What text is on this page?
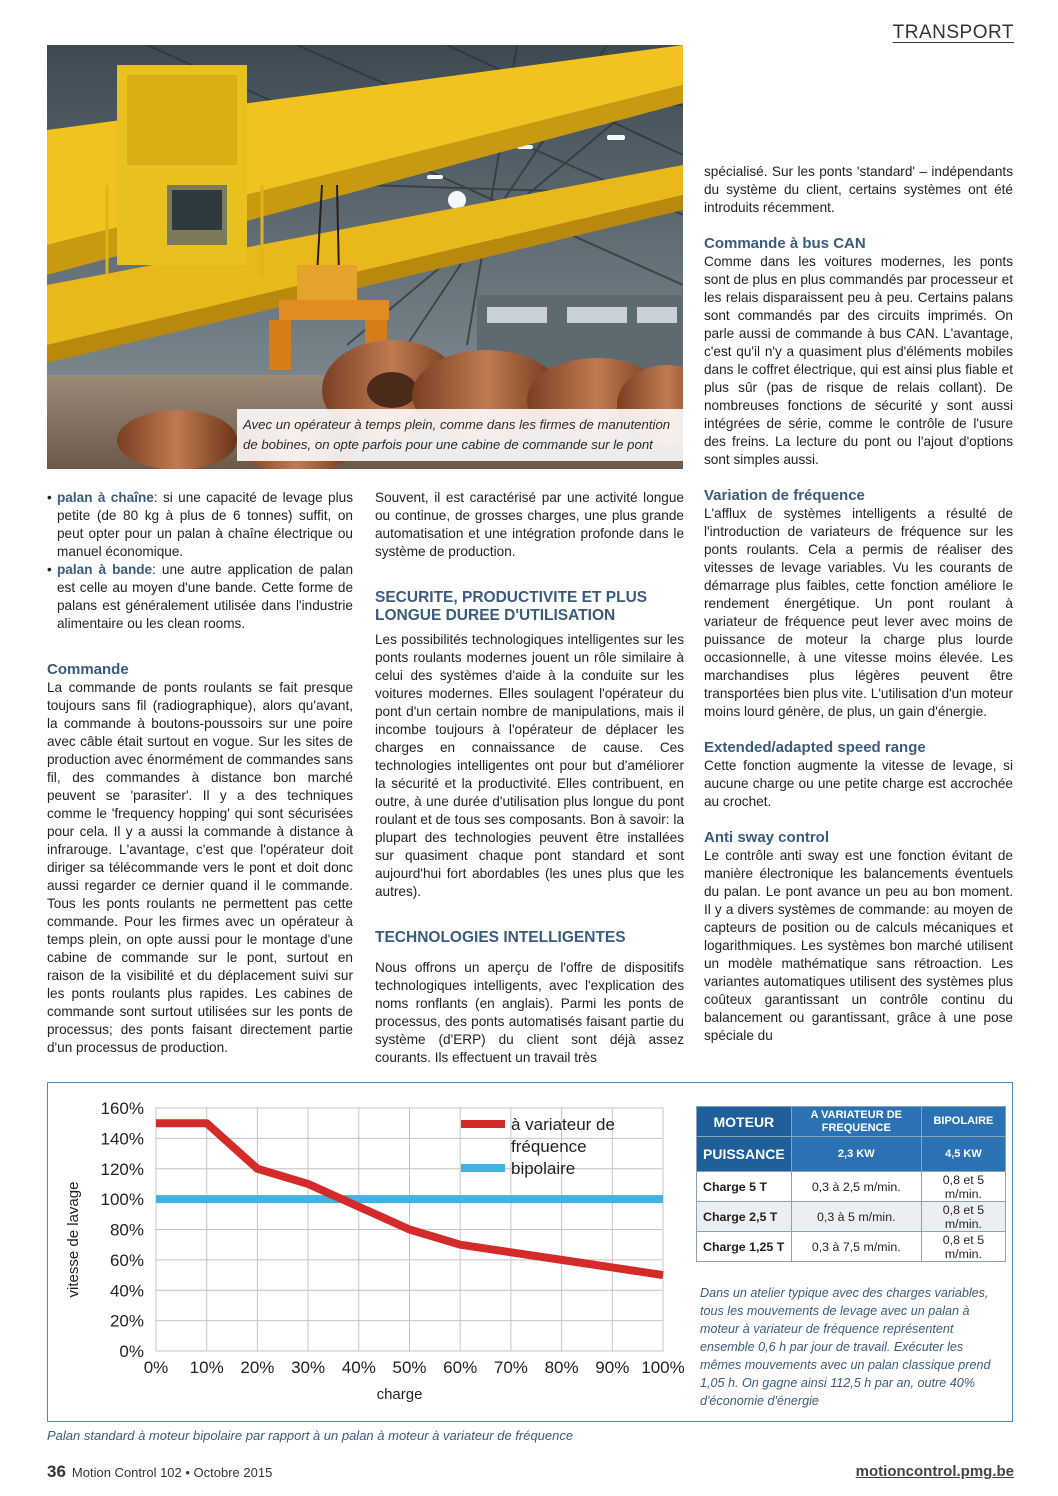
TRANSPORT
Avec un opérateur à temps plein, comme dans les firmes de manutention de bobines, on opte parfois pour une cabine de commande sur le pont
• palan à chaîne: si une capacité de levage plus petite (de 80 kg à plus de 6 tonnes) suffit, on peut opter pour un palan à chaîne électrique ou manuel économique.
• palan à bande: une autre application de palan est celle au moyen d'une bande. Cette forme de palans est généralement utilisée dans l'industrie alimentaire ou les clean rooms.
Commande

La commande de ponts roulants se fait presque toujours sans fil (radiographique), alors qu'avant, la commande à boutons-poussoirs sur une poire avec câble était surtout en vogue. Sur les sites de production avec énormément de commandes sans fil, des commandes à distance bon marché peuvent se 'parasiter'. Il y a des techniques comme le 'frequency hopping' qui sont sécurisées pour cela. Il y a aussi la commande à distance à infrarouge. L'avantage, c'est que l'opérateur doit diriger sa télécommande vers le pont et doit donc aussi regarder ce dernier quand il le commande. Tous les ponts roulants ne permettent pas cette commande. Pour les firmes avec un opérateur à temps plein, on opte aussi pour le montage d'une cabine de commande sur le pont, surtout en raison de la visibilité et du déplacement suivi sur les ponts roulants plus rapides. Les cabines de commande sont surtout utilisées sur les ponts de processus; des ponts faisant directement partie d'un processus de production.

Souvent, il est caractérisé par une activité longue ou continue, de grosses charges, une plus grande automatisation et une intégration profonde dans le système de production.

SECURITE, PRODUCTIVITE ET PLUS LONGUE DUREE D'UTILISATION

Les possibilités technologiques intelligentes sur les ponts roulants modernes jouent un rôle similaire à celui des systèmes d'aide à la conduite sur les voitures modernes. Elles soulagent l'opérateur du pont d'un certain nombre de manipulations, mais il incombe toujours à l'opérateur de déplacer les charges en connaissance de cause. Ces technologies intelligentes ont pour but d'améliorer la sécurité et la productivité. Elles contribuent, en outre, à une durée d'utilisation plus longue du pont roulant et de tous ses composants. Bon à savoir: la plupart des technologies peuvent être installées sur quasiment chaque pont standard et sont aujourd'hui fort abordables (les unes plus que les autres).

TECHNOLOGIES INTELLIGENTES

Nous offrons un aperçu de l'offre de dispositifs technologiques intelligents, avec l'explication des noms ronflants (en anglais). Parmi les ponts de processus, des ponts automatisés faisant partie du système (d'ERP) du client sont déjà assez courants. Ils effectuent un travail très

spécialisé. Sur les ponts 'standard' – indépendants du système du client, certains systèmes ont été introduits récemment.

Commande à bus CAN

Comme dans les voitures modernes, les ponts sont de plus en plus commandés par processeur et les relais disparaissent peu à peu. Certains palans sont commandés par des circuits imprimés. On parle aussi de commande à bus CAN. L'avantage, c'est qu'il n'y a quasiment plus d'éléments mobiles dans le coffret électrique, qui est ainsi plus fiable et plus sûr (pas de risque de relais collant). De nombreuses fonctions de sécurité y sont aussi intégrées de série, comme le contrôle de l'usure des freins. La lecture du pont ou l'ajout d'options sont simples aussi.

Variation de fréquence

L'afflux de systèmes intelligents a résulté de l'introduction de variateurs de fréquence sur les ponts roulants. Cela a permis de réaliser des vitesses de levage variables. Vu les courants de démarrage plus faibles, cette fonction améliore le rendement énergétique. Un pont roulant à variateur de fréquence peut lever avec moins de puissance de moteur la charge plus lourde occasionnelle, à une vitesse moins élevée. Les marchandises plus légères peuvent être transportées bien plus vite. L'utilisation d'un moteur moins lourd génère, de plus, un gain d'énergie.

Extended/adapted speed range

Cette fonction augmente la vitesse de levage, si aucune charge ou une petite charge est accrochée au crochet.

Anti sway control

Le contrôle anti sway est une fonction évitant de manière électronique les balancements éventuels du palan. Le pont avance un peu au bon moment. Il y a divers systèmes de commande: au moyen de capteurs de position ou de calculs mécaniques et logarithmiques. Les systèmes bon marché utilisent un modèle mathématique sans rétroaction. Les variantes automatiques utilisent des systèmes plus coûteux garantissant un contrôle continu du balancement ou garantissant, grâce à une pose spéciale du

0%
20%
40%
60%
80%
100%
120%
140%
160%
0% 10% 20% 30% 40% 50% 60% 70% 80% 90% 100%
à variateur de fréquence
bipolaire
charge
vitesse de lavage
MOTEUR	A VARIATEUR DE FREQUENCE	BIPOLAIRE
PUISSANCE	2,3 KW	4,5 KW
Charge 5 T	0,3 à 2,5 m/min.	0,8 et 5 m/min.
Charge 2,5 T	0,3 à 5 m/min.	0,8 et 5 m/min.
Charge 1,25 T	0,3 à 7,5 m/min.	0,8 et 5 m/min.
Dans un atelier typique avec des charges variables, tous les mouvements de levage avec un palan à moteur à variateur de fréquence représentent ensemble 0,6 h par jour de travail. Exécuter les mêmes mouvements avec un palan classique prend 1,05 h. On gagne ainsi 112,5 h par an, outre 40% d'économie d'énergie
Palan standard à moteur bipolaire par rapport à un palan à moteur à variateur de fréquence
36 Motion Control 102 • Octobre 2015	motioncontrol.pmg.be
